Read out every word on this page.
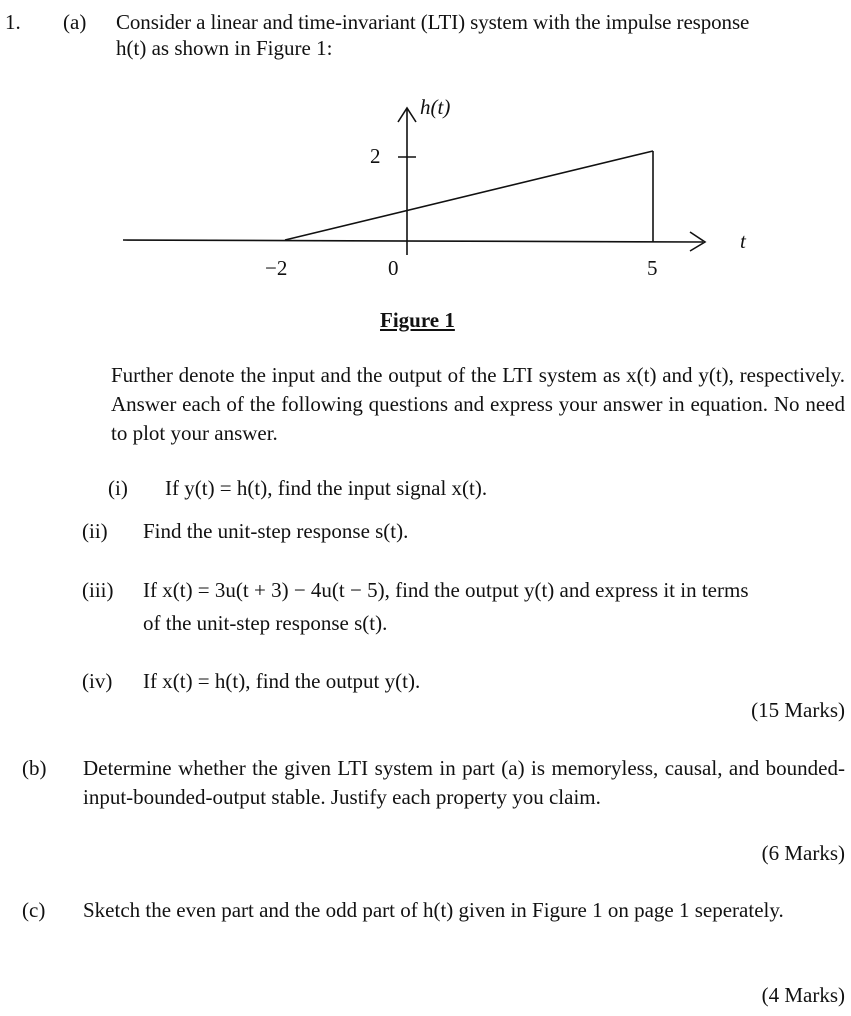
1. (a) Consider a linear and time-invariant (LTI) system with the impulse response
h(t) as shown in Figure 1:
h(t)
t
2
−2	0	5
Figure 1
Further denote the input and the output of the LTI system as x(t) and y(t), respectively. Answer each of the following questions and express your answer in equation. No need to plot your answer.
(i) If y(t) = h(t), find the input signal x(t).
(ii) Find the unit-step response s(t).
(iii) If x(t) = 3u(t + 3) − 4u(t − 5), find the output y(t) and express it in terms
of the unit-step response s(t).
(iv) If x(t) = h(t), find the output y(t).
(15 Marks)
(b) Determine whether the given LTI system in part (a) is memoryless, causal, and bounded-input-bounded-output stable. Justify each property you claim.
(6 Marks)
(c) Sketch the even part and the odd part of h(t) given in Figure 1 on page 1 seperately.
(4 Marks)
